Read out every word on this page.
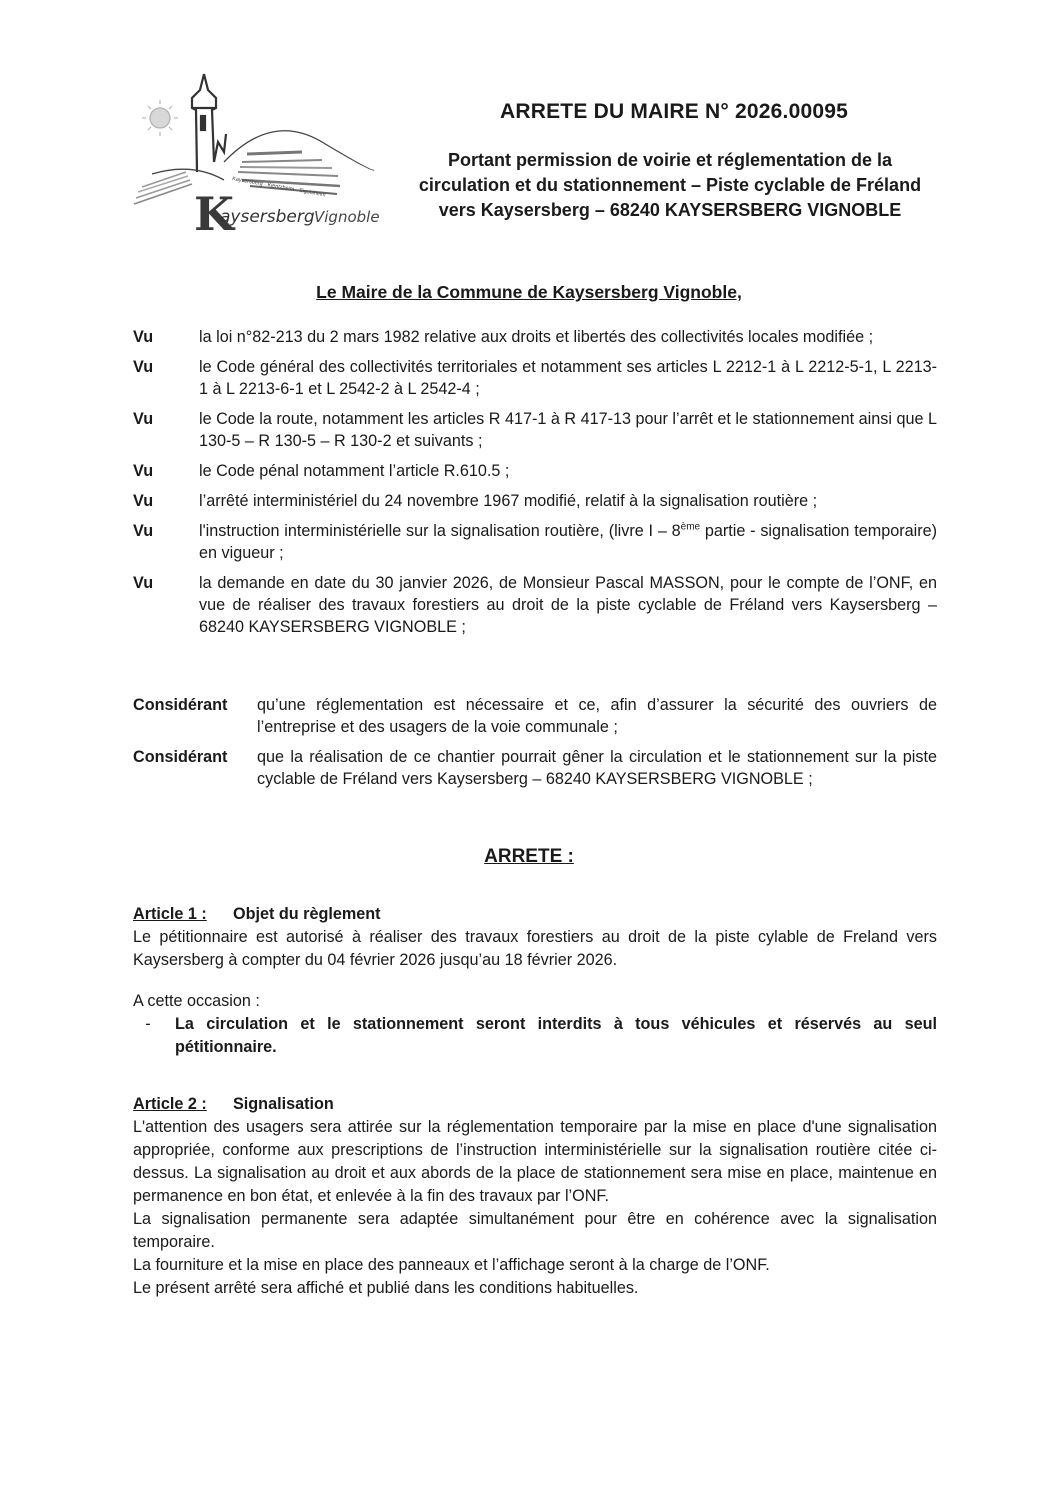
Kaysersberg · Kientzheim · Sigolsheim
K
aysersberg Vignoble
ARRETE DU MAIRE N° 2026.00095
Portant permission de voirie et réglementation de la
circulation et du stationnement – Piste cyclable de Fréland
vers Kaysersberg – 68240 KAYSERSBERG VIGNOBLE
Le Maire de la Commune de Kaysersberg Vignoble,
Vu	la loi n°82-213 du 2 mars 1982 relative aux droits et libertés des collectivités locales modifiée ;
Vu	le Code général des collectivités territoriales et notamment ses articles L 2212-1 à L 2212-5-1, L 2213-1 à L 2213-6-1 et L 2542-2 à L 2542-4 ;
Vu	le Code la route, notamment les articles R 417-1 à R 417-13 pour l’arrêt et le stationnement ainsi que L 130-5 – R 130-5 – R 130-2 et suivants ;
Vu	le Code pénal notamment l’article R.610.5 ;
Vu	l’arrêté interministériel du 24 novembre 1967 modifié, relatif à la signalisation routière ;
Vu	l'instruction interministérielle sur la signalisation routière, (livre I – 8ème partie - signalisation temporaire) en vigueur ;
Vu	la demande en date du 30 janvier 2026, de Monsieur Pascal MASSON, pour le compte de l’ONF, en vue de réaliser des travaux forestiers au droit de la piste cyclable de Fréland vers Kaysersberg – 68240 KAYSERSBERG VIGNOBLE ;
Considérant	qu’une réglementation est nécessaire et ce, afin d’assurer la sécurité des ouvriers de l’entreprise et des usagers de la voie communale ;
Considérant	que la réalisation de ce chantier pourrait gêner la circulation et le stationnement sur la piste cyclable de Fréland vers Kaysersberg – 68240 KAYSERSBERG VIGNOBLE ;
ARRETE :
Article 1 :	Objet du règlement

Le pétitionnaire est autorisé à réaliser des travaux forestiers au droit de la piste cylable de Freland vers Kaysersberg à compter du 04 février 2026 jusqu’au 18 février 2026.

A cette occasion :
-	La circulation et le stationnement seront interdits à tous véhicules et réservés au seul pétitionnaire.
Article 2 :	Signalisation

L'attention des usagers sera attirée sur la réglementation temporaire par la mise en place d'une signalisation appropriée, conforme aux prescriptions de l’instruction interministérielle sur la signalisation routière citée ci-dessus. La signalisation au droit et aux abords de la place de stationnement sera mise en place, maintenue en permanence en bon état, et enlevée à la fin des travaux par l’ONF.

La signalisation permanente sera adaptée simultanément pour être en cohérence avec la signalisation temporaire.

La fourniture et la mise en place des panneaux et l’affichage seront à la charge de l’ONF.

Le présent arrêté sera affiché et publié dans les conditions habituelles.
